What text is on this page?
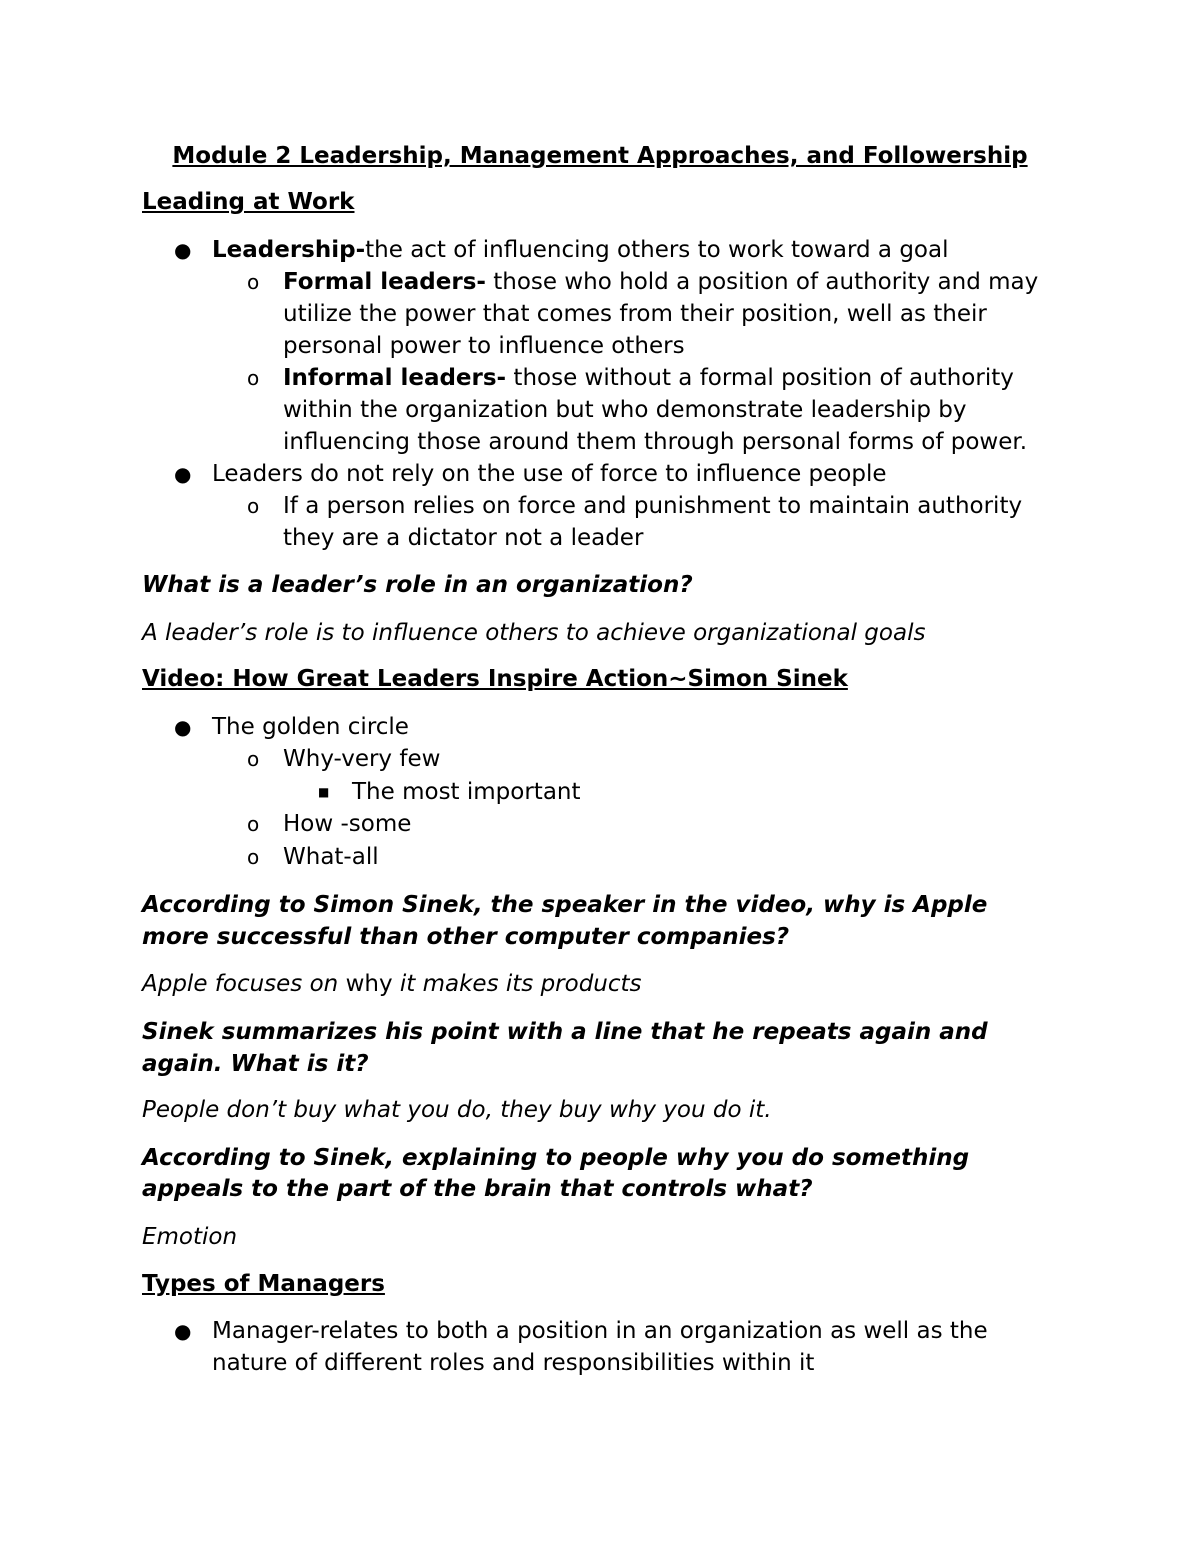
Module 2 Leadership, Management Approaches, and Followership
Leading at Work
● Leadership-the act of influencing others to work toward a goal
o Formal leaders- those who hold a position of authority and may
utilize the power that comes from their position, well as their
personal power to influence others
o Informal leaders- those without a formal position of authority
within the organization but who demonstrate leadership by
influencing those around them through personal forms of power.
● Leaders do not rely on the use of force to influence people
o If a person relies on force and punishment to maintain authority
they are a dictator not a leader
What is a leader’s role in an organization?
A leader’s role is to influence others to achieve organizational goals
Video: How Great Leaders Inspire Action~Simon Sinek
● The golden circle
o Why-very few
■ The most important
o How -some
o What-all
According to Simon Sinek, the speaker in the video, why is Apple
more successful than other computer companies?
Apple focuses on why it makes its products
Sinek summarizes his point with a line that he repeats again and
again. What is it?
People don’t buy what you do, they buy why you do it.
According to Sinek, explaining to people why you do something
appeals to the part of the brain that controls what?
Emotion
Types of Managers
● Manager-relates to both a position in an organization as well as the
nature of different roles and responsibilities within it
